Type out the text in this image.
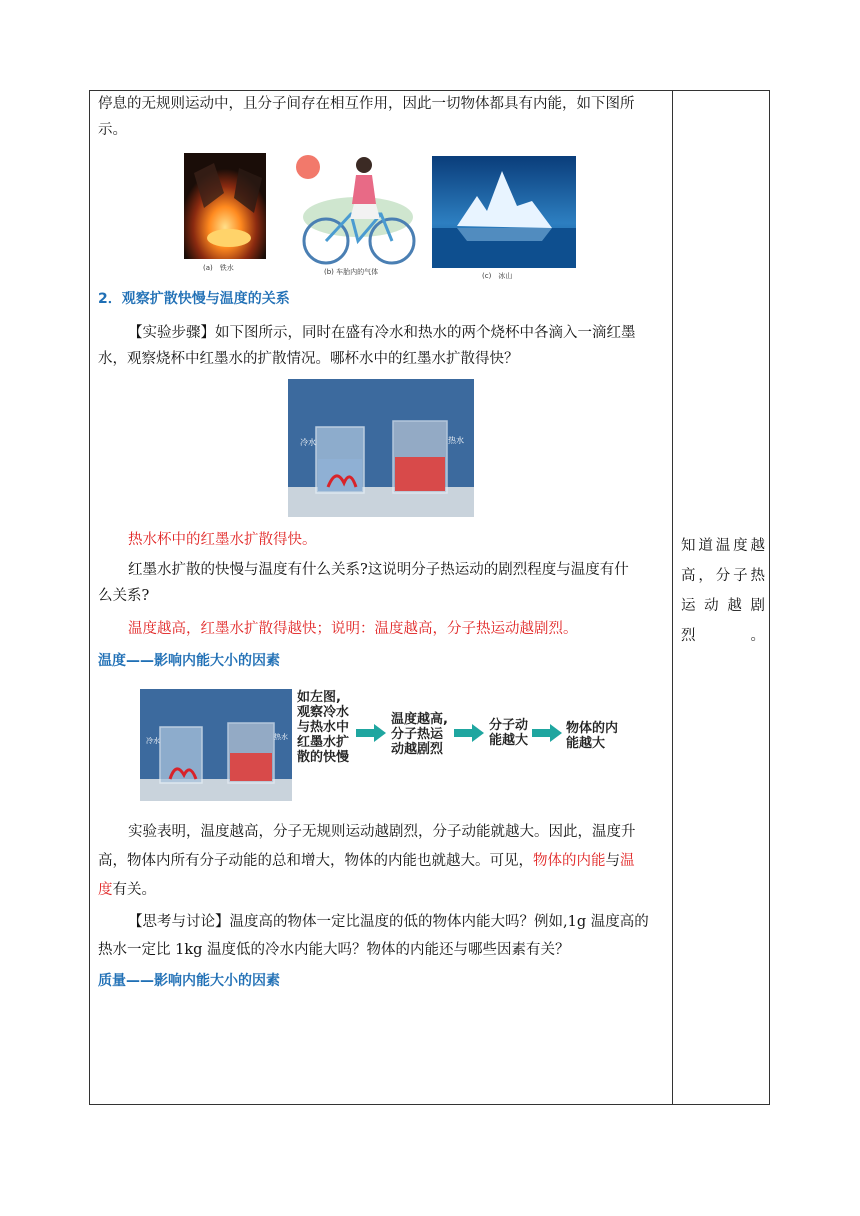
停息的无规则运动中，且分子间存在相互作用，因此一切物体都具有内能，如下图所
示。
(a)　铁水	(b) 车胎内的气体	(c)　冰山
2．观察扩散快慢与温度的关系
【实验步骤】如下图所示，同时在盛有冷水和热水的两个烧杯中各滴入一滴红墨
水，观察烧杯中红墨水的扩散情况。哪杯水中的红墨水扩散得快？
冷水	热水
热水杯中的红墨水扩散得快。
红墨水扩散的快慢与温度有什么关系?这说明分子热运动的剧烈程度与温度有什
么关系?
温度越高，红墨水扩散得越快；说明：温度越高，分子热运动越剧烈。
温度——影响内能大小的因素
冷水	热水
如左图,
观察冷水
与热水中
红墨水扩
散的快慢
温度越高,
分子热运
动越剧烈
分子动
能越大
物体的内
能越大
实验表明，温度越高，分子无规则运动越剧烈，分子动能就越大。因此，温度升
高，物体内所有分子动能的总和增大，物体的内能也就越大。可见，物体的内能与温
度有关。
【思考与讨论】温度高的物体一定比温度的低的物体内能大吗？例如,1g 温度高的
热水一定比 1kg 温度低的冷水内能大吗？物体的内能还与哪些因素有关？
质量——影响内能大小的因素
知道温度越高，分子热运动越剧烈。
